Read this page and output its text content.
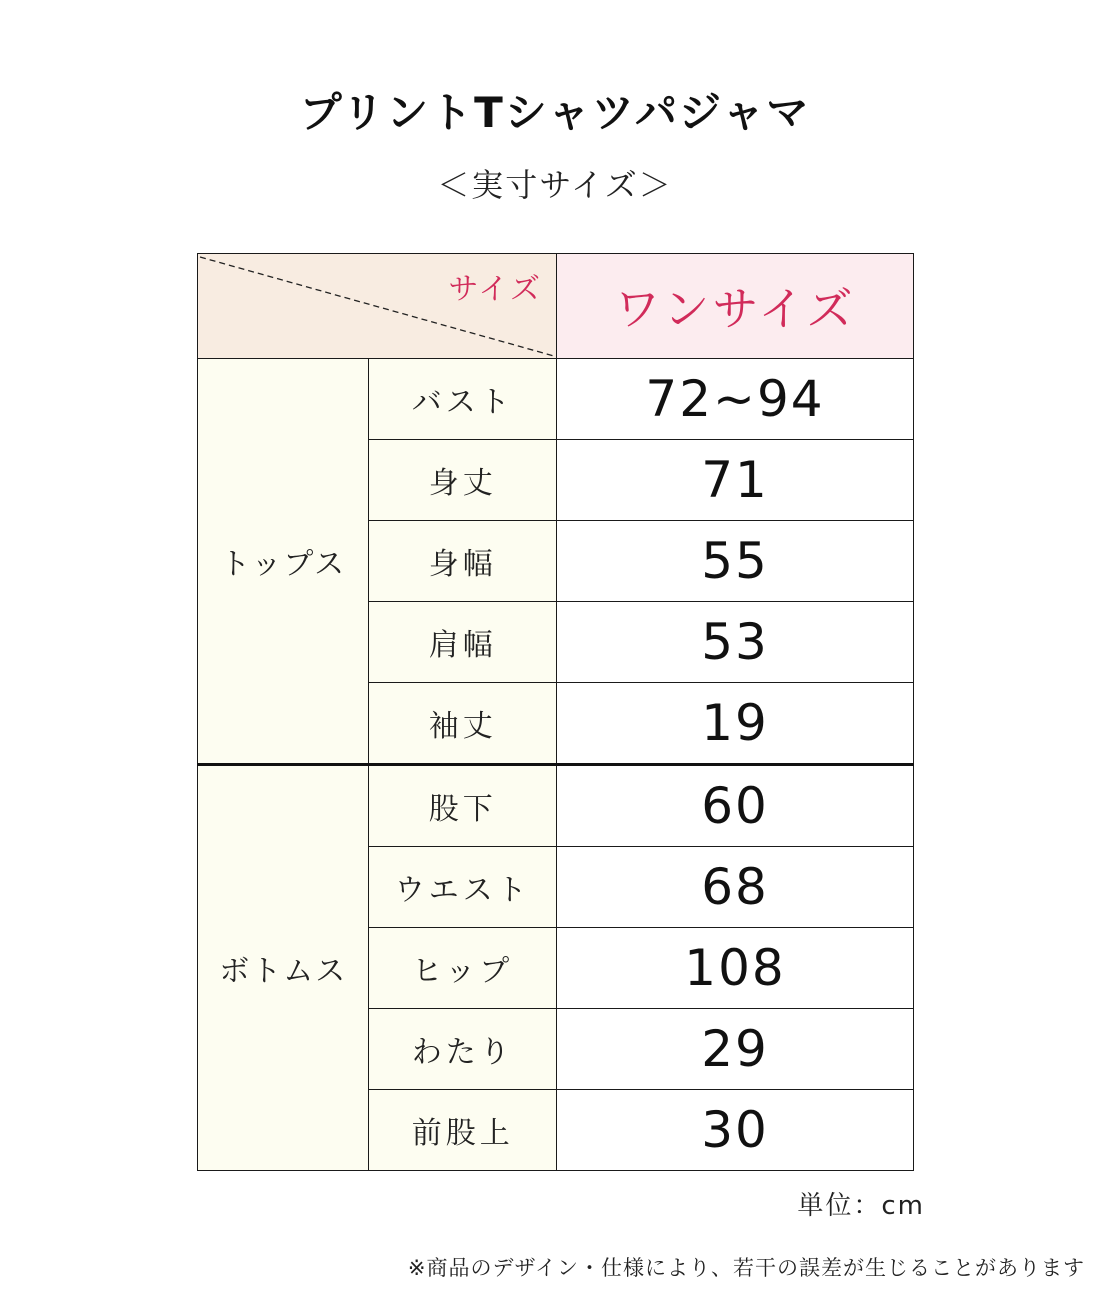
プリントTシャツパジャマ
＜実寸サイズ＞
サイズ		ワンサイズ
トップス	バスト	72~94
	身丈	71
	身幅	55
	肩幅	53
	袖丈	19
ボトムス	股下	60
	ウエスト	68
	ヒップ	108
	わたり	29
	前股上	30
単位：cm
※商品のデザイン・仕様により、若干の誤差が生じることがあります
